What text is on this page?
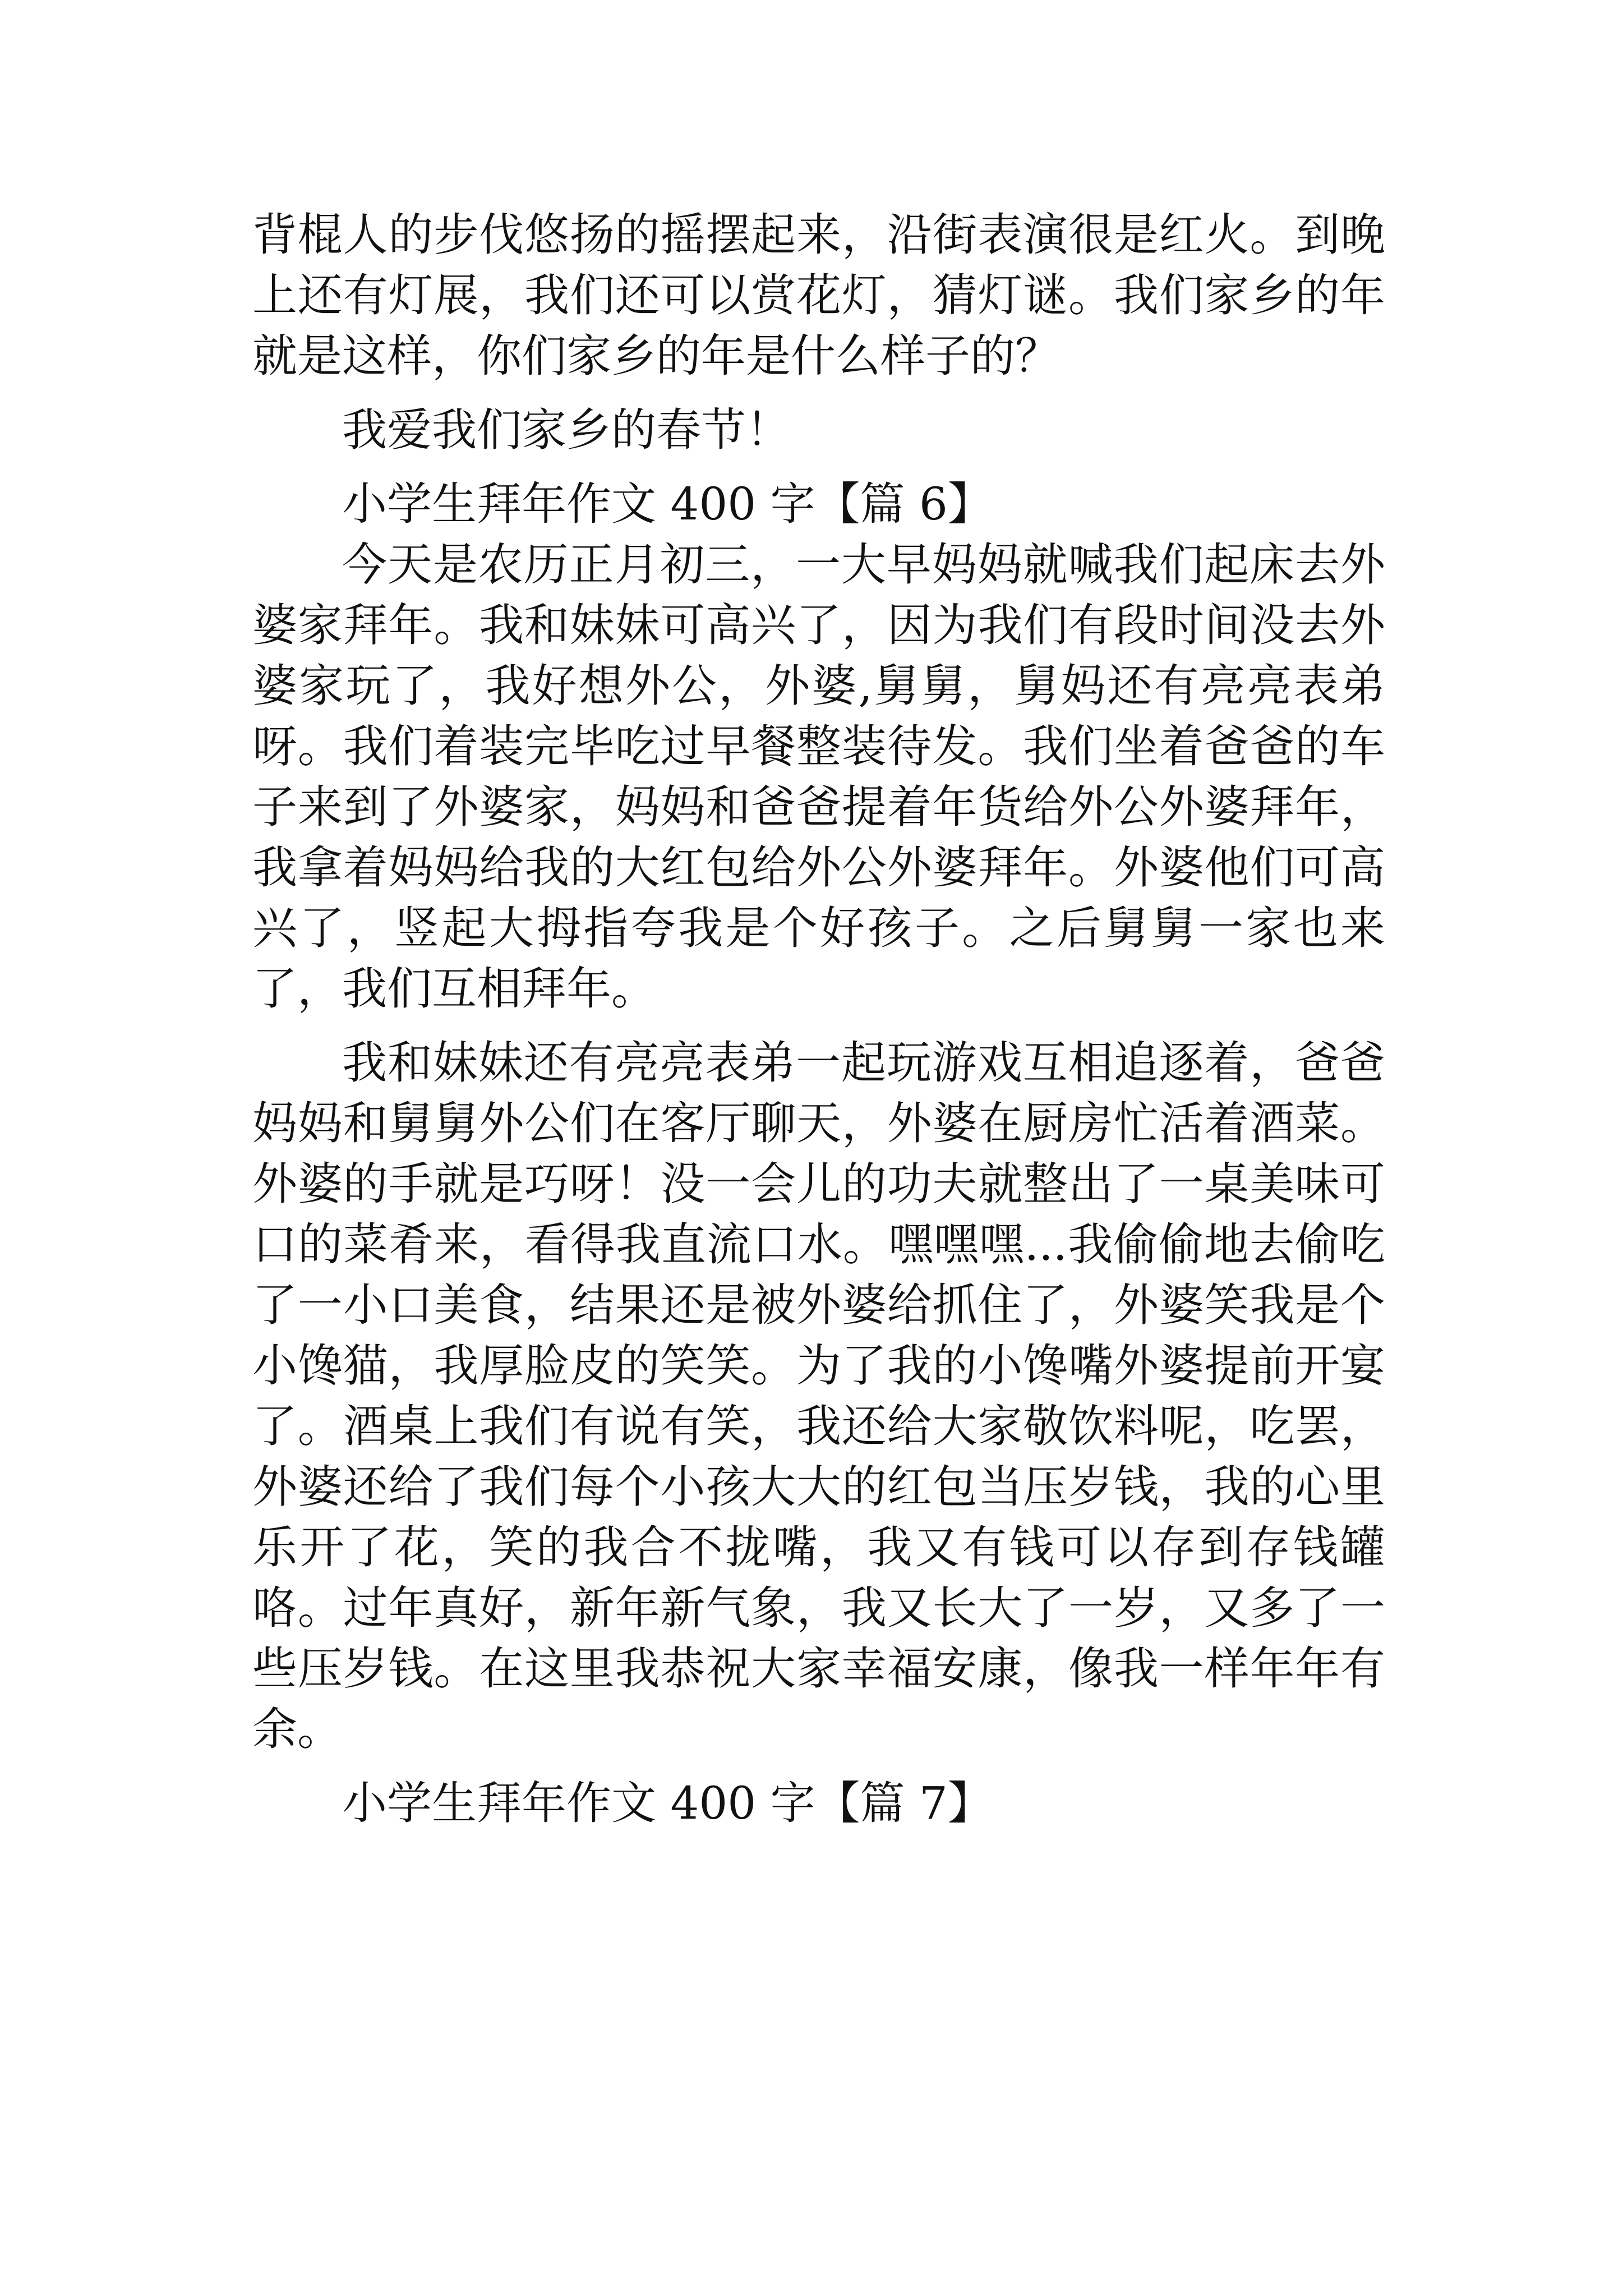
背棍人的步伐悠扬的摇摆起来，沿街表演很是红火。到晚上还有灯展，我们还可以赏花灯，猜灯谜。我们家乡的年就是这样，你们家乡的年是什么样子的？

我爱我们家乡的春节！

小学生拜年作文 400 字【篇 6】

今天是农历正月初三，一大早妈妈就喊我们起床去外婆家拜年。我和妹妹可高兴了，因为我们有段时间没去外婆家玩了，我好想外公，外婆,舅舅，舅妈还有亮亮表弟呀。我们着装完毕吃过早餐整装待发。我们坐着爸爸的车子来到了外婆家，妈妈和爸爸提着年货给外公外婆拜年，我拿着妈妈给我的大红包给外公外婆拜年。外婆他们可高兴了，竖起大拇指夸我是个好孩子。之后舅舅一家也来了，我们互相拜年。

我和妹妹还有亮亮表弟一起玩游戏互相追逐着，爸爸妈妈和舅舅外公们在客厅聊天，外婆在厨房忙活着酒菜。外婆的手就是巧呀！没一会儿的功夫就整出了一桌美味可口的菜肴来，看得我直流口水。嘿嘿嘿...我偷偷地去偷吃了一小口美食，结果还是被外婆给抓住了，外婆笑我是个小馋猫，我厚脸皮的笑笑。为了我的小馋嘴外婆提前开宴了。酒桌上我们有说有笑，我还给大家敬饮料呢，吃罢，外婆还给了我们每个小孩大大的红包当压岁钱，我的心里乐开了花，笑的我合不拢嘴，我又有钱可以存到存钱罐咯。过年真好，新年新气象，我又长大了一岁，又多了一些压岁钱。在这里我恭祝大家幸福安康，像我一样年年有余。

小学生拜年作文 400 字【篇 7】
